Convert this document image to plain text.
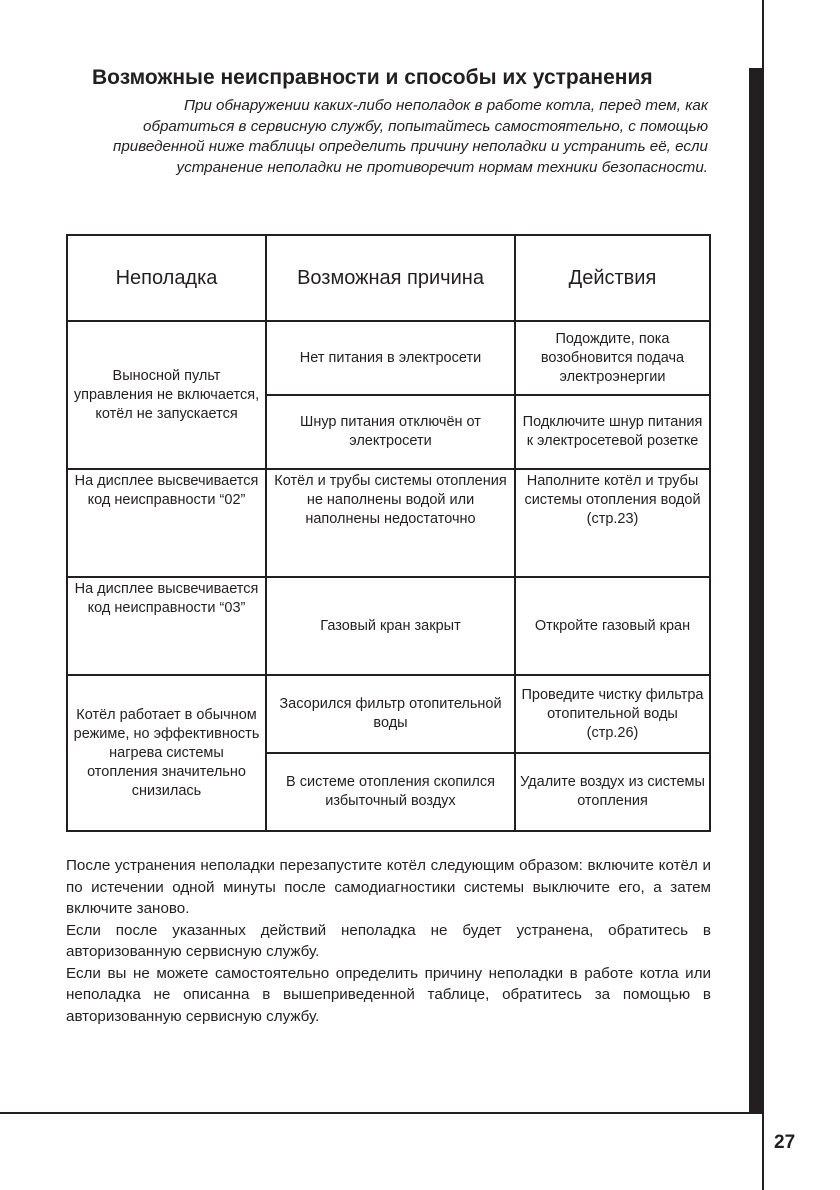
27
Возможные неисправности и способы их устранения
При обнаружении каких-либо неполадок в работе котла, перед тем, как обратиться в сервисную службу, попытайтесь самостоятельно, с помощью приведенной ниже таблицы определить причину неполадки и устранить её, если устранение неполадки не противоречит нормам техники безопасности.
Неполадка	Возможная причина	Действия
Выносной пульт управления не включается, котёл не запускается	Нет питания в электросети	Подождите, пока возобновится подача электроэнергии
	Шнур питания отключён от электросети	Подключите шнур питания к электросетевой розетке
На дисплее высвечивается код неисправности “02”	Котёл и трубы системы отопления не наполнены водой или наполнены недостаточно	Наполните котёл и трубы системы отопления водой (стр.23)
На дисплее высвечивается код неисправности “03”	Газовый кран закрыт	Откройте газовый кран
Котёл работает в обычном режиме, но эффективность нагрева системы отопления значительно снизилась	Засорился фильтр отопительной воды	Проведите чистку фильтра отопительной воды (стр.26)
	В системе отопления скопился избыточный воздух	Удалите воздух из системы отопления

После устранения неполадки перезапустите котёл следующим образом: включите котёл и по истечении одной минуты после самодиагностики системы выключите его, а затем включите заново.

Если после указанных действий неполадка не будет устранена, обратитесь в авторизованную сервисную службу.

Если вы не можете самостоятельно определить причину неполадки в работе котла или неполадка не описанна в вышеприведенной таблице, обратитесь за помощью в авторизованную сервисную службу.
